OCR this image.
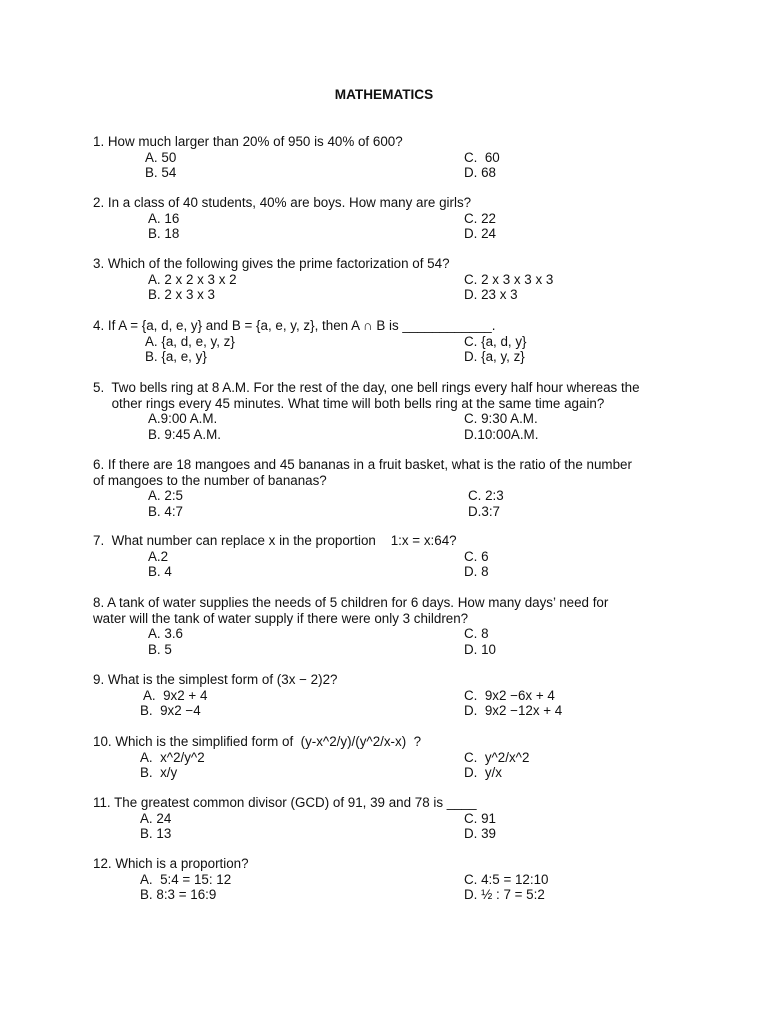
MATHEMATICS
1. How much larger than 20% of 950 is 40% of 600?
A. 50	C.  60
B. 54	D. 68
2. In a class of 40 students, 40% are boys. How many are girls?
A. 16	C. 22
B. 18	D. 24
3. Which of the following gives the prime factorization of 54?
A. 2 x 2 x 3 x 2	C. 2 x 3 x 3 x 3
B. 2 x 3 x 3	D. 23 x 3
4. If A = {a, d, e, y} and B = {a, e, y, z}, then A ∩ B is ____________.
A. {a, d, e, y, z}	C. {a, d, y}
B. {a, e, y}	D. {a, y, z}
5.  Two bells ring at 8 A.M. For the rest of the day, one bell rings every half hour whereas the
other rings every 45 minutes. What time will both bells ring at the same time again?
A.9:00 A.M.	C. 9:30 A.M.
B. 9:45 A.M.	D.10:00A.M.
6. If there are 18 mangoes and 45 bananas in a fruit basket, what is the ratio of the number
of mangoes to the number of bananas?
A. 2:5	C. 2:3
B. 4:7	D.3:7
7.  What number can replace x in the proportion    1:x = x:64?
A.2	C. 6
B. 4	D. 8
8. A tank of water supplies the needs of 5 children for 6 days. How many days’ need for
water will the tank of water supply if there were only 3 children?
A. 3.6	C. 8
B. 5	D. 10
9. What is the simplest form of (3x − 2)2?
A.  9x2 + 4	C.  9x2 −6x + 4
B.  9x2 −4	D.  9x2 −12x + 4
10. Which is the simplified form of  (y-x^2/y)/(y^2/x-x)  ?
A.  x^2/y^2	C.  y^2/x^2
B.  x/y	D.  y/x
11. The greatest common divisor (GCD) of 91, 39 and 78 is ____
A. 24	C. 91
B. 13	D. 39
12. Which is a proportion?
A.  5:4 = 15: 12	C. 4:5 = 12:10
B. 8:3 = 16:9	D. ½ : 7 = 5:2
